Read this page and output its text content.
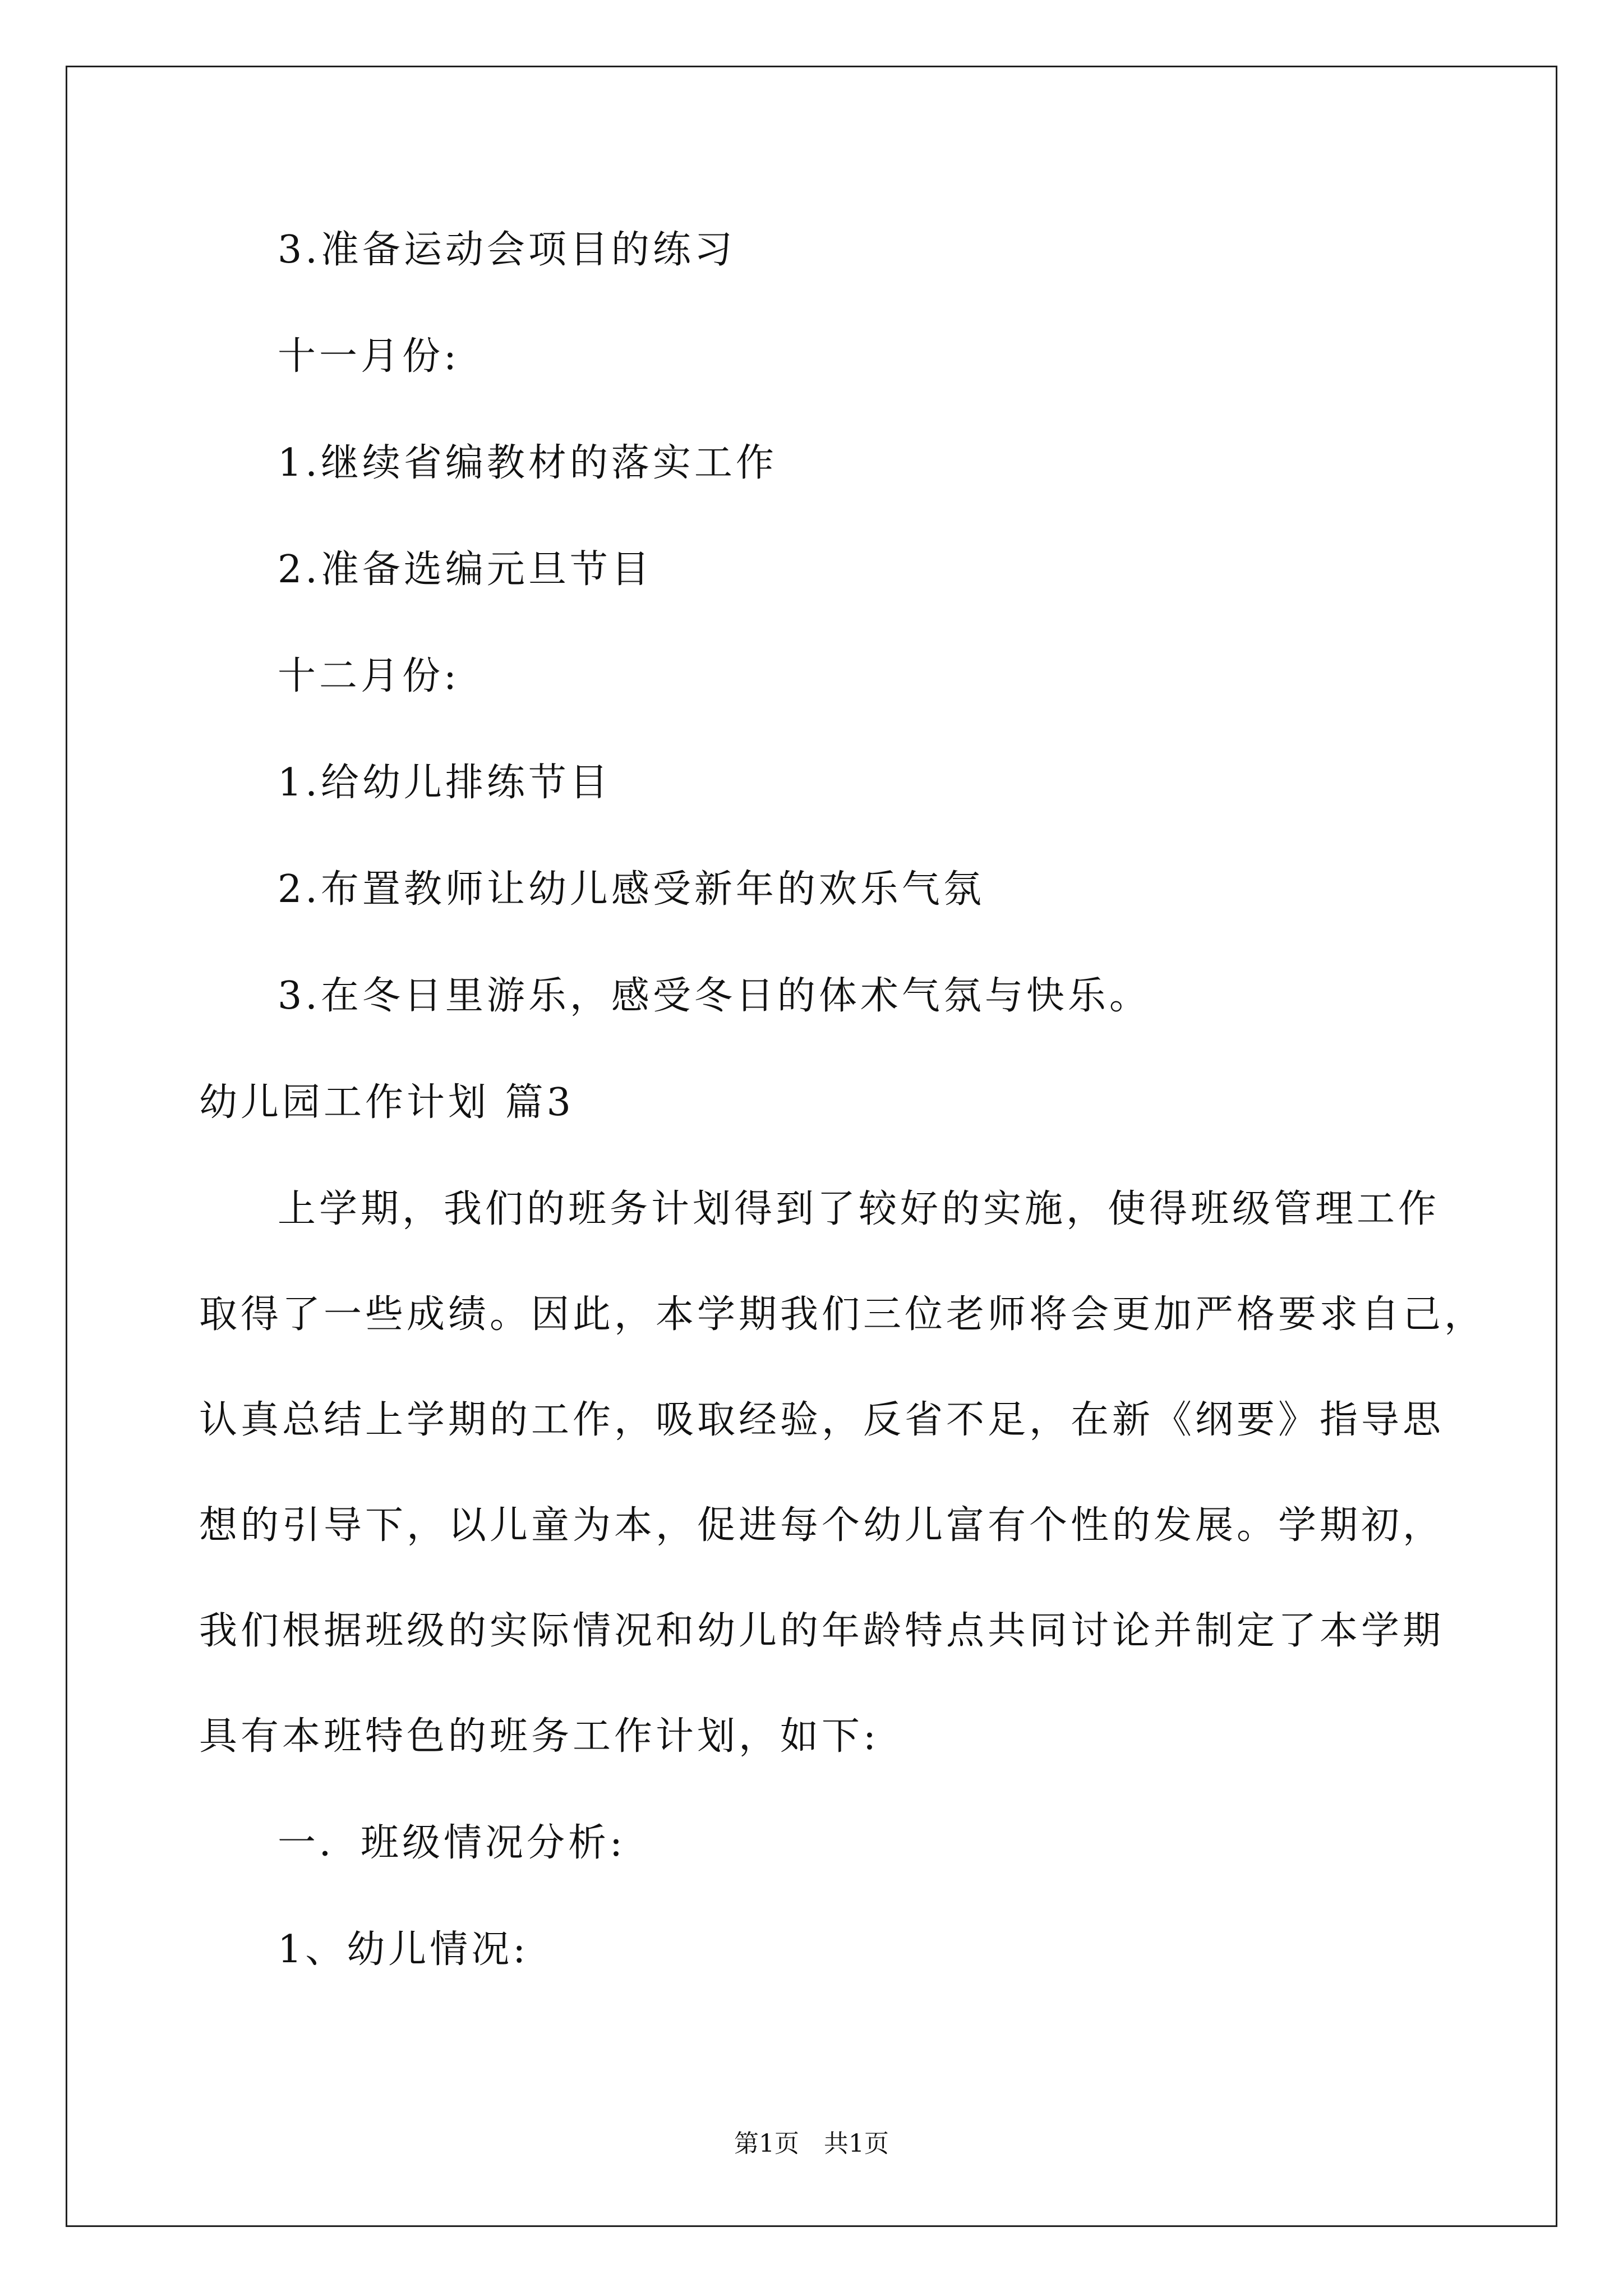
3.准备运动会项目的练习
十一月份:
1.继续省编教材的落实工作
2.准备选编元旦节目
十二月份:
1.给幼儿排练节目
2.布置教师让幼儿感受新年的欢乐气氛
3.在冬日里游乐，感受冬日的体术气氛与快乐。
幼儿园工作计划 篇3
上学期，我们的班务计划得到了较好的实施，使得班级管理工作
取得了一些成绩。因此，本学期我们三位老师将会更加严格要求自己，
认真总结上学期的工作，吸取经验，反省不足，在新《纲要》指导思
想的引导下，以儿童为本，促进每个幼儿富有个性的发展。学期初，
我们根据班级的实际情况和幼儿的年龄特点共同讨论并制定了本学期
具有本班特色的班务工作计划，如下:
一．班级情况分析:
1、幼儿情况:
第1页　共1页
